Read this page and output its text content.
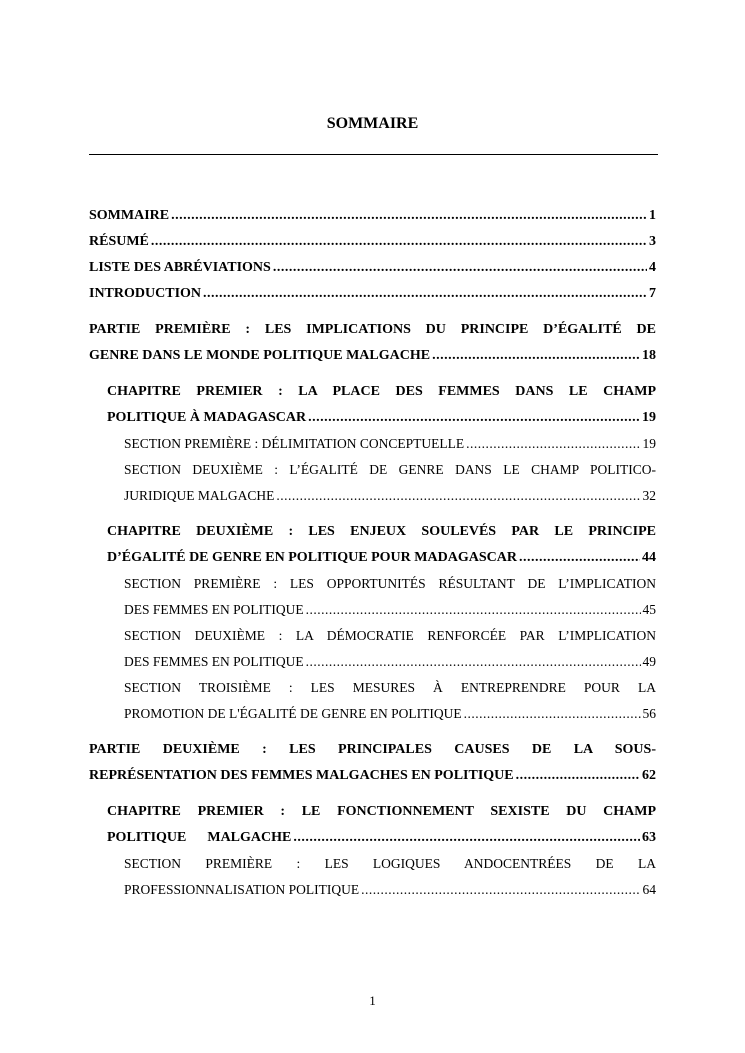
SOMMAIRE
SOMMAIRE .....	1
RÉSUMÉ .....	3
LISTE DES ABRÉVIATIONS .....	4
INTRODUCTION .....	7
PARTIE PREMIÈRE : LES IMPLICATIONS DU PRINCIPE D’ÉGALITÉ DE
GENRE DANS LE MONDE POLITIQUE MALGACHE .....	18
CHAPITRE PREMIER : LA PLACE DES FEMMES DANS LE CHAMP
POLITIQUE À MADAGASCAR .....	19
SECTION PREMIÈRE : DÉLIMITATION CONCEPTUELLE .....	19
SECTION DEUXIÈME : L’ÉGALITÉ DE GENRE DANS LE CHAMP POLITICO-
JURIDIQUE MALGACHE .....	32
CHAPITRE DEUXIÈME : LES ENJEUX SOULEVÉS PAR LE PRINCIPE
D’ÉGALITÉ DE GENRE EN POLITIQUE POUR MADAGASCAR .....	44
SECTION PREMIÈRE : LES OPPORTUNITÉS RÉSULTANT DE L’IMPLICATION
DES FEMMES EN POLITIQUE .....	45
SECTION DEUXIÈME : LA DÉMOCRATIE RENFORCÉE PAR L’IMPLICATION
DES FEMMES EN POLITIQUE .....	49
SECTION TROISIÈME : LES MESURES À ENTREPRENDRE POUR LA
PROMOTION DE L'ÉGALITÉ DE GENRE EN POLITIQUE .....	56
PARTIE DEUXIÈME : LES PRINCIPALES CAUSES DE LA SOUS-
REPRÉSENTATION DES FEMMES MALGACHES EN POLITIQUE .....	62
CHAPITRE PREMIER : LE FONCTIONNEMENT SEXISTE DU CHAMP
POLITIQUE      MALGACHE .....	63
SECTION PREMIÈRE : LES LOGIQUES ANDOCENTRÉES DE LA
PROFESSIONNALISATION POLITIQUE .....	64
1
